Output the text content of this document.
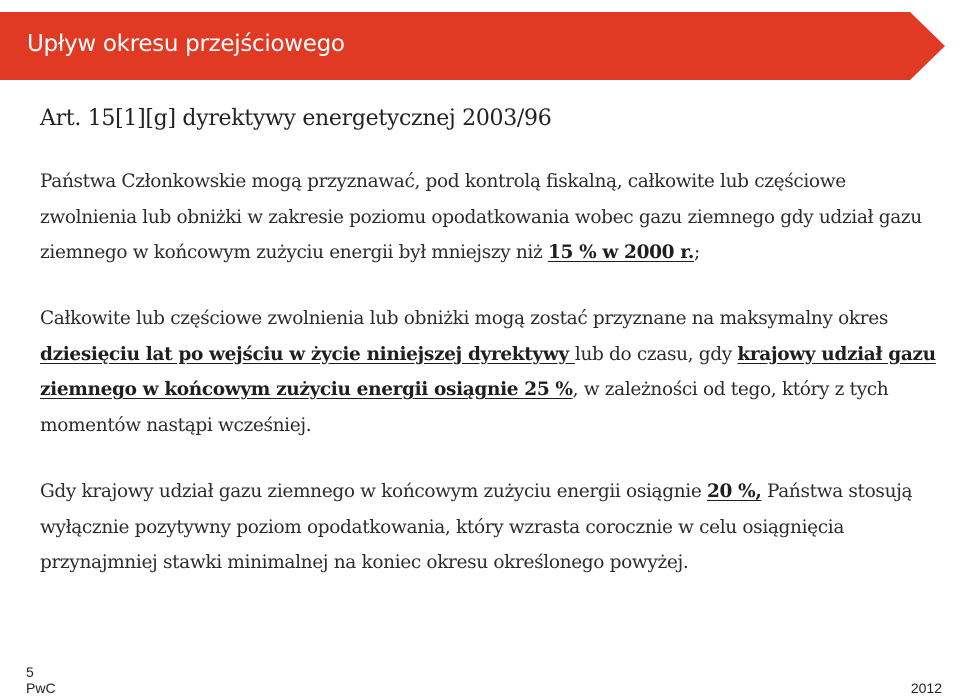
Upływ okresu przejściowego
Art. 15[1][g] dyrektywy energetycznej 2003/96

Państwa Członkowskie mogą przyznawać, pod kontrolą fiskalną, całkowite lub częściowe zwolnienia lub obniżki w zakresie poziomu opodatkowania wobec gazu ziemnego gdy udział gazu ziemnego w końcowym zużyciu energii był mniejszy niż 15 % w 2000 r.;

Całkowite lub częściowe zwolnienia lub obniżki mogą zostać przyznane na maksymalny okres dziesięciu lat po wejściu w życie niniejszej dyrektywy lub do czasu, gdy krajowy udział gazu ziemnego w końcowym zużyciu energii osiągnie 25 %, w zależności od tego, który z tych momentów nastąpi wcześniej.

Gdy krajowy udział gazu ziemnego w końcowym zużyciu energii osiągnie 20 %, Państwa stosują wyłącznie pozytywny poziom opodatkowania, który wzrasta corocznie w celu osiągnięcia przynajmniej stawki minimalnej na koniec okresu określonego powyżej.

5
PwC	2012
